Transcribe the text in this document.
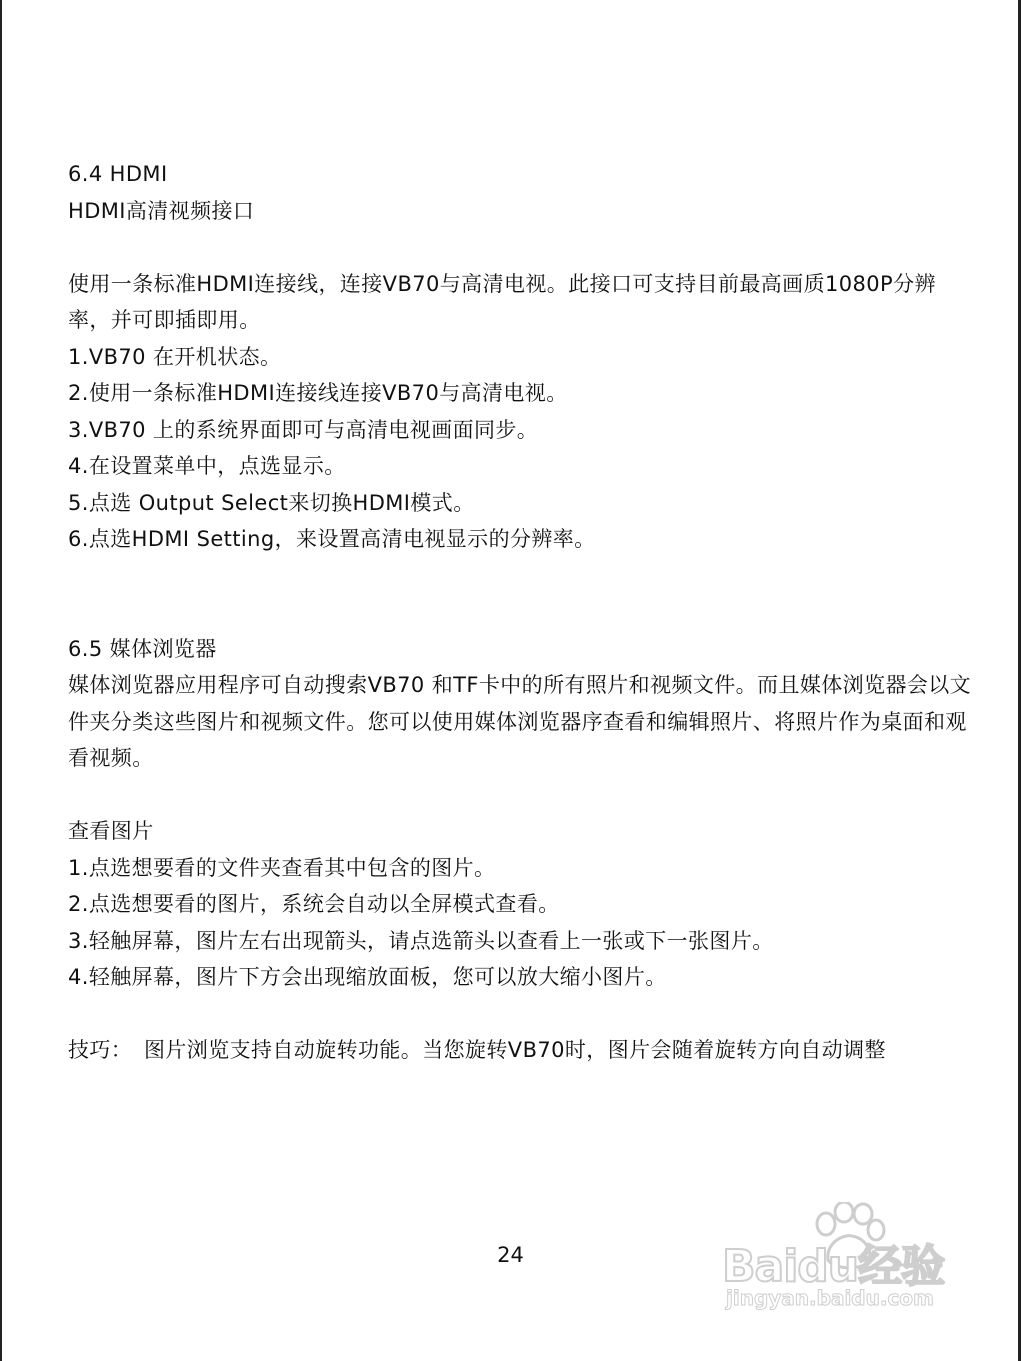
6.4 HDMI
HDMI高清视频接口
使用一条标准HDMI连接线，连接VB70与高清电视。此接口可支持目前最高画质1080P分辨率，并可即插即用。
1.VB70 在开机状态。
2.使用一条标准HDMI连接线连接VB70与高清电视。
3.VB70 上的系统界面即可与高清电视画面同步。
4.在设置菜单中，点选显示。
5.点选 Output Select来切换HDMI模式。
6.点选HDMI Setting，来设置高清电视显示的分辨率。
6.5 媒体浏览器
媒体浏览器应用程序可自动搜索VB70 和TF卡中的所有照片和视频文件。而且媒体浏览器会以文件夹分类这些图片和视频文件。您可以使用媒体浏览器序查看和编辑照片、将照片作为桌面和观看视频。
查看图片
1.点选想要看的文件夹查看其中包含的图片。
2.点选想要看的图片，系统会自动以全屏模式查看。
3.轻触屏幕，图片左右出现箭头，请点选箭头以查看上一张或下一张图片。
4.轻触屏幕，图片下方会出现缩放面板，您可以放大缩小图片。
技巧： 图片浏览支持自动旋转功能。当您旋转VB70时，图片会随着旋转方向自动调整
24	Baidu经验
jingyan.baidu.com
